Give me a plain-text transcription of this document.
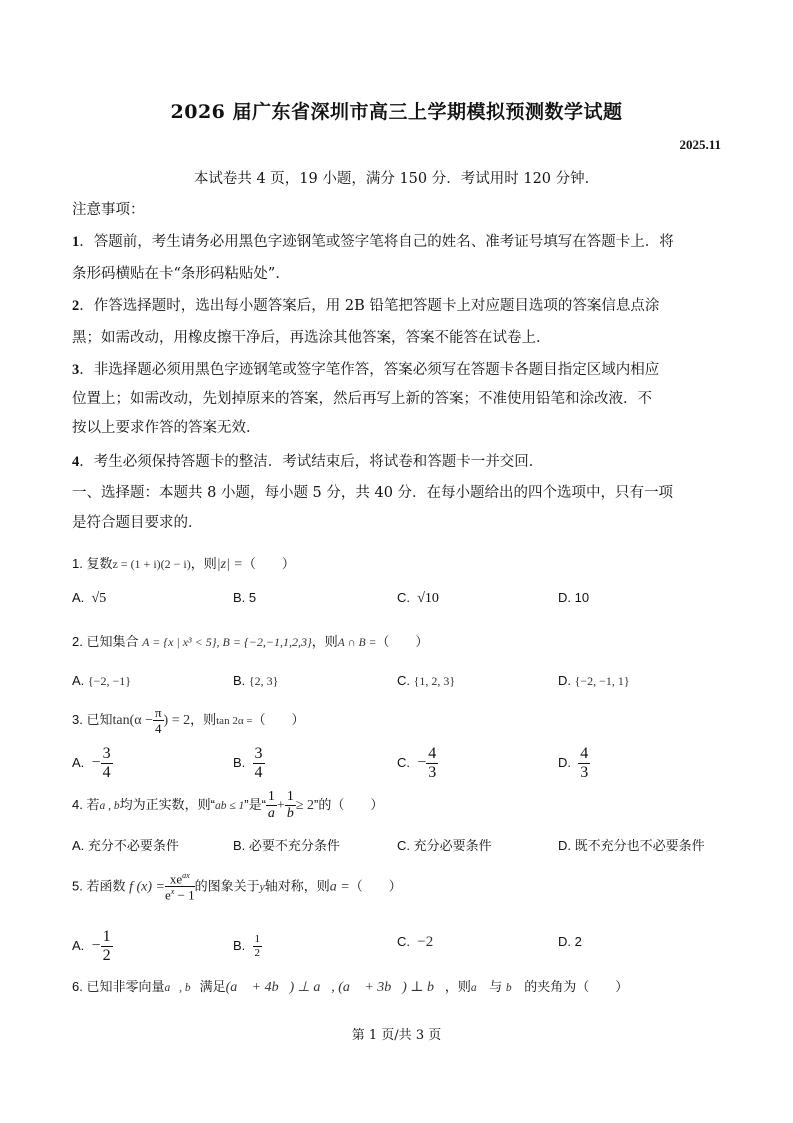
2026 届广东省深圳市高三上学期模拟预测数学试题
2025.11
本试卷共 4 页，19 小题，满分 150 分．考试用时 120 分钟．
注意事项：
1．答题前，考生请务必用黑色字迹钢笔或签字笔将自己的姓名、准考证号填写在答题卡上．将
条形码横贴在卡“条形码粘贴处”．
2．作答选择题时，选出每小题答案后，用 2B 铅笔把答题卡上对应题目选项的答案信息点涂
黑；如需改动，用橡皮擦干净后，再选涂其他答案，答案不能答在试卷上．
3．非选择题必须用黑色字迹钢笔或签字笔作答，答案必须写在答题卡各题目指定区域内相应
位置上；如需改动，先划掉原来的答案，然后再写上新的答案；不准使用铅笔和涂改液．不
按以上要求作答的答案无效．
4．考生必须保持答题卡的整洁．考试结束后，将试卷和答题卡一并交回．
一、选择题：本题共 8 小题，每小题 5 分，共 40 分．在每小题给出的四个选项中，只有一项
是符合题目要求的．
1. 复数z = (1 + i)(2 − i)，则|z| =（　　）
A. √5	B. 5	C. √10	D. 10
2. 已知集合 A = {x | x³ < 5}, B = {−2,−1,1,2,3}，则A ∩ B =（　　）
A. {−2, −1}	B. {2, 3}	C. {1, 2, 3}	D. {−2, −1, 1}
3. 已知$\tan(\alpha - \frac{\pi}{4}$ ) = 2，则tan 2α =（　　）
A. − $\frac{3}{4}$	B. $\frac{3}{4}$	C. − $\frac{4}{3}$	D. $\frac{4}{3}$
4. 若a , b均为正实数，则“ab ≤ 1”是“ $\frac{1}{a} + \frac{1}{b} \ge 2$”的（　　）
A. 充分不必要条件	B. 必要不充分条件	C. 充分必要条件	D. 既不充分也不必要条件
5. 若函数 f $(x) = \frac{xe^{ax}}{e^x - 1}$ 的图象关于y轴对称，则a =（　　）
A. − $\frac{1}{2}$	B. $\frac{1}{2}$	C. −2	D. 2
6. 已知非零向量a⃗, b⃗满足(a⃗ + 4b⃗) ⊥ a⃗, (a⃗ + 3b⃗) ⊥ b⃗，则a⃗ 与 b⃗ 的夹角为（　　）
第 1 页/共 3 页
